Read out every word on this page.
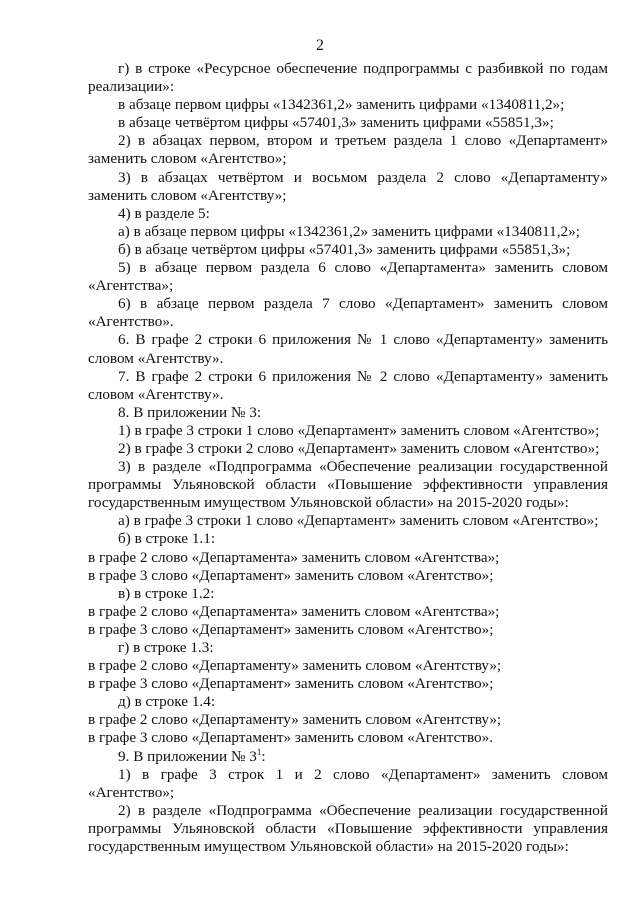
2

г) в строке «Ресурсное обеспечение подпрограммы с разбивкой по годам реализации»:

в абзаце первом цифры «1342361,2» заменить цифрами «1340811,2»;

в абзаце четвёртом цифры «57401,3» заменить цифрами «55851,3»;

2) в абзацах первом, втором и третьем раздела 1 слово «Департамент» заменить словом «Агентство»;

3) в абзацах четвёртом и восьмом раздела 2 слово «Департаменту» заменить словом «Агентству»;

4) в разделе 5:

а) в абзаце первом цифры «1342361,2» заменить цифрами «1340811,2»;

б) в абзаце четвёртом цифры «57401,3» заменить цифрами «55851,3»;

5) в абзаце первом раздела 6 слово «Департамента» заменить словом «Агентства»;

6) в абзаце первом раздела 7 слово «Департамент» заменить словом «Агентство».

6. В графе 2 строки 6 приложения № 1 слово «Департаменту» заменить словом «Агентству».

7. В графе 2 строки 6 приложения № 2 слово «Департаменту» заменить словом «Агентству».

8. В приложении № 3:

1) в графе 3 строки 1 слово «Департамент» заменить словом «Агентство»;

2) в графе 3 строки 2 слово «Департамент» заменить словом «Агентство»;

3) в разделе «Подпрограмма «Обеспечение реализации государственной

программы Ульяновской области «Повышение эффективности управления

государственным имуществом Ульяновской области» на 2015-2020 годы»:

а) в графе 3 строки 1 слово «Департамент» заменить словом «Агентство»;

б) в строке 1.1:

в графе 2 слово «Департамента» заменить словом «Агентства»;

в графе 3 слово «Департамент» заменить словом «Агентство»;

в) в строке 1.2:

в графе 2 слово «Департамента» заменить словом «Агентства»;

в графе 3 слово «Департамент» заменить словом «Агентство»;

г) в строке 1.3:

в графе 2 слово «Департаменту» заменить словом «Агентству»;

в графе 3 слово «Департамент» заменить словом «Агентство»;

д) в строке 1.4:

в графе 2 слово «Департаменту» заменить словом «Агентству»;

в графе 3 слово «Департамент» заменить словом «Агентство».

9. В приложении № $3^1$:

1) в графе 3 строк 1 и 2 слово «Департамент» заменить словом «Агентство»;

2) в разделе «Подпрограмма «Обеспечение реализации государственной

программы Ульяновской области «Повышение эффективности управления

государственным имуществом Ульяновской области» на 2015-2020 годы»:
